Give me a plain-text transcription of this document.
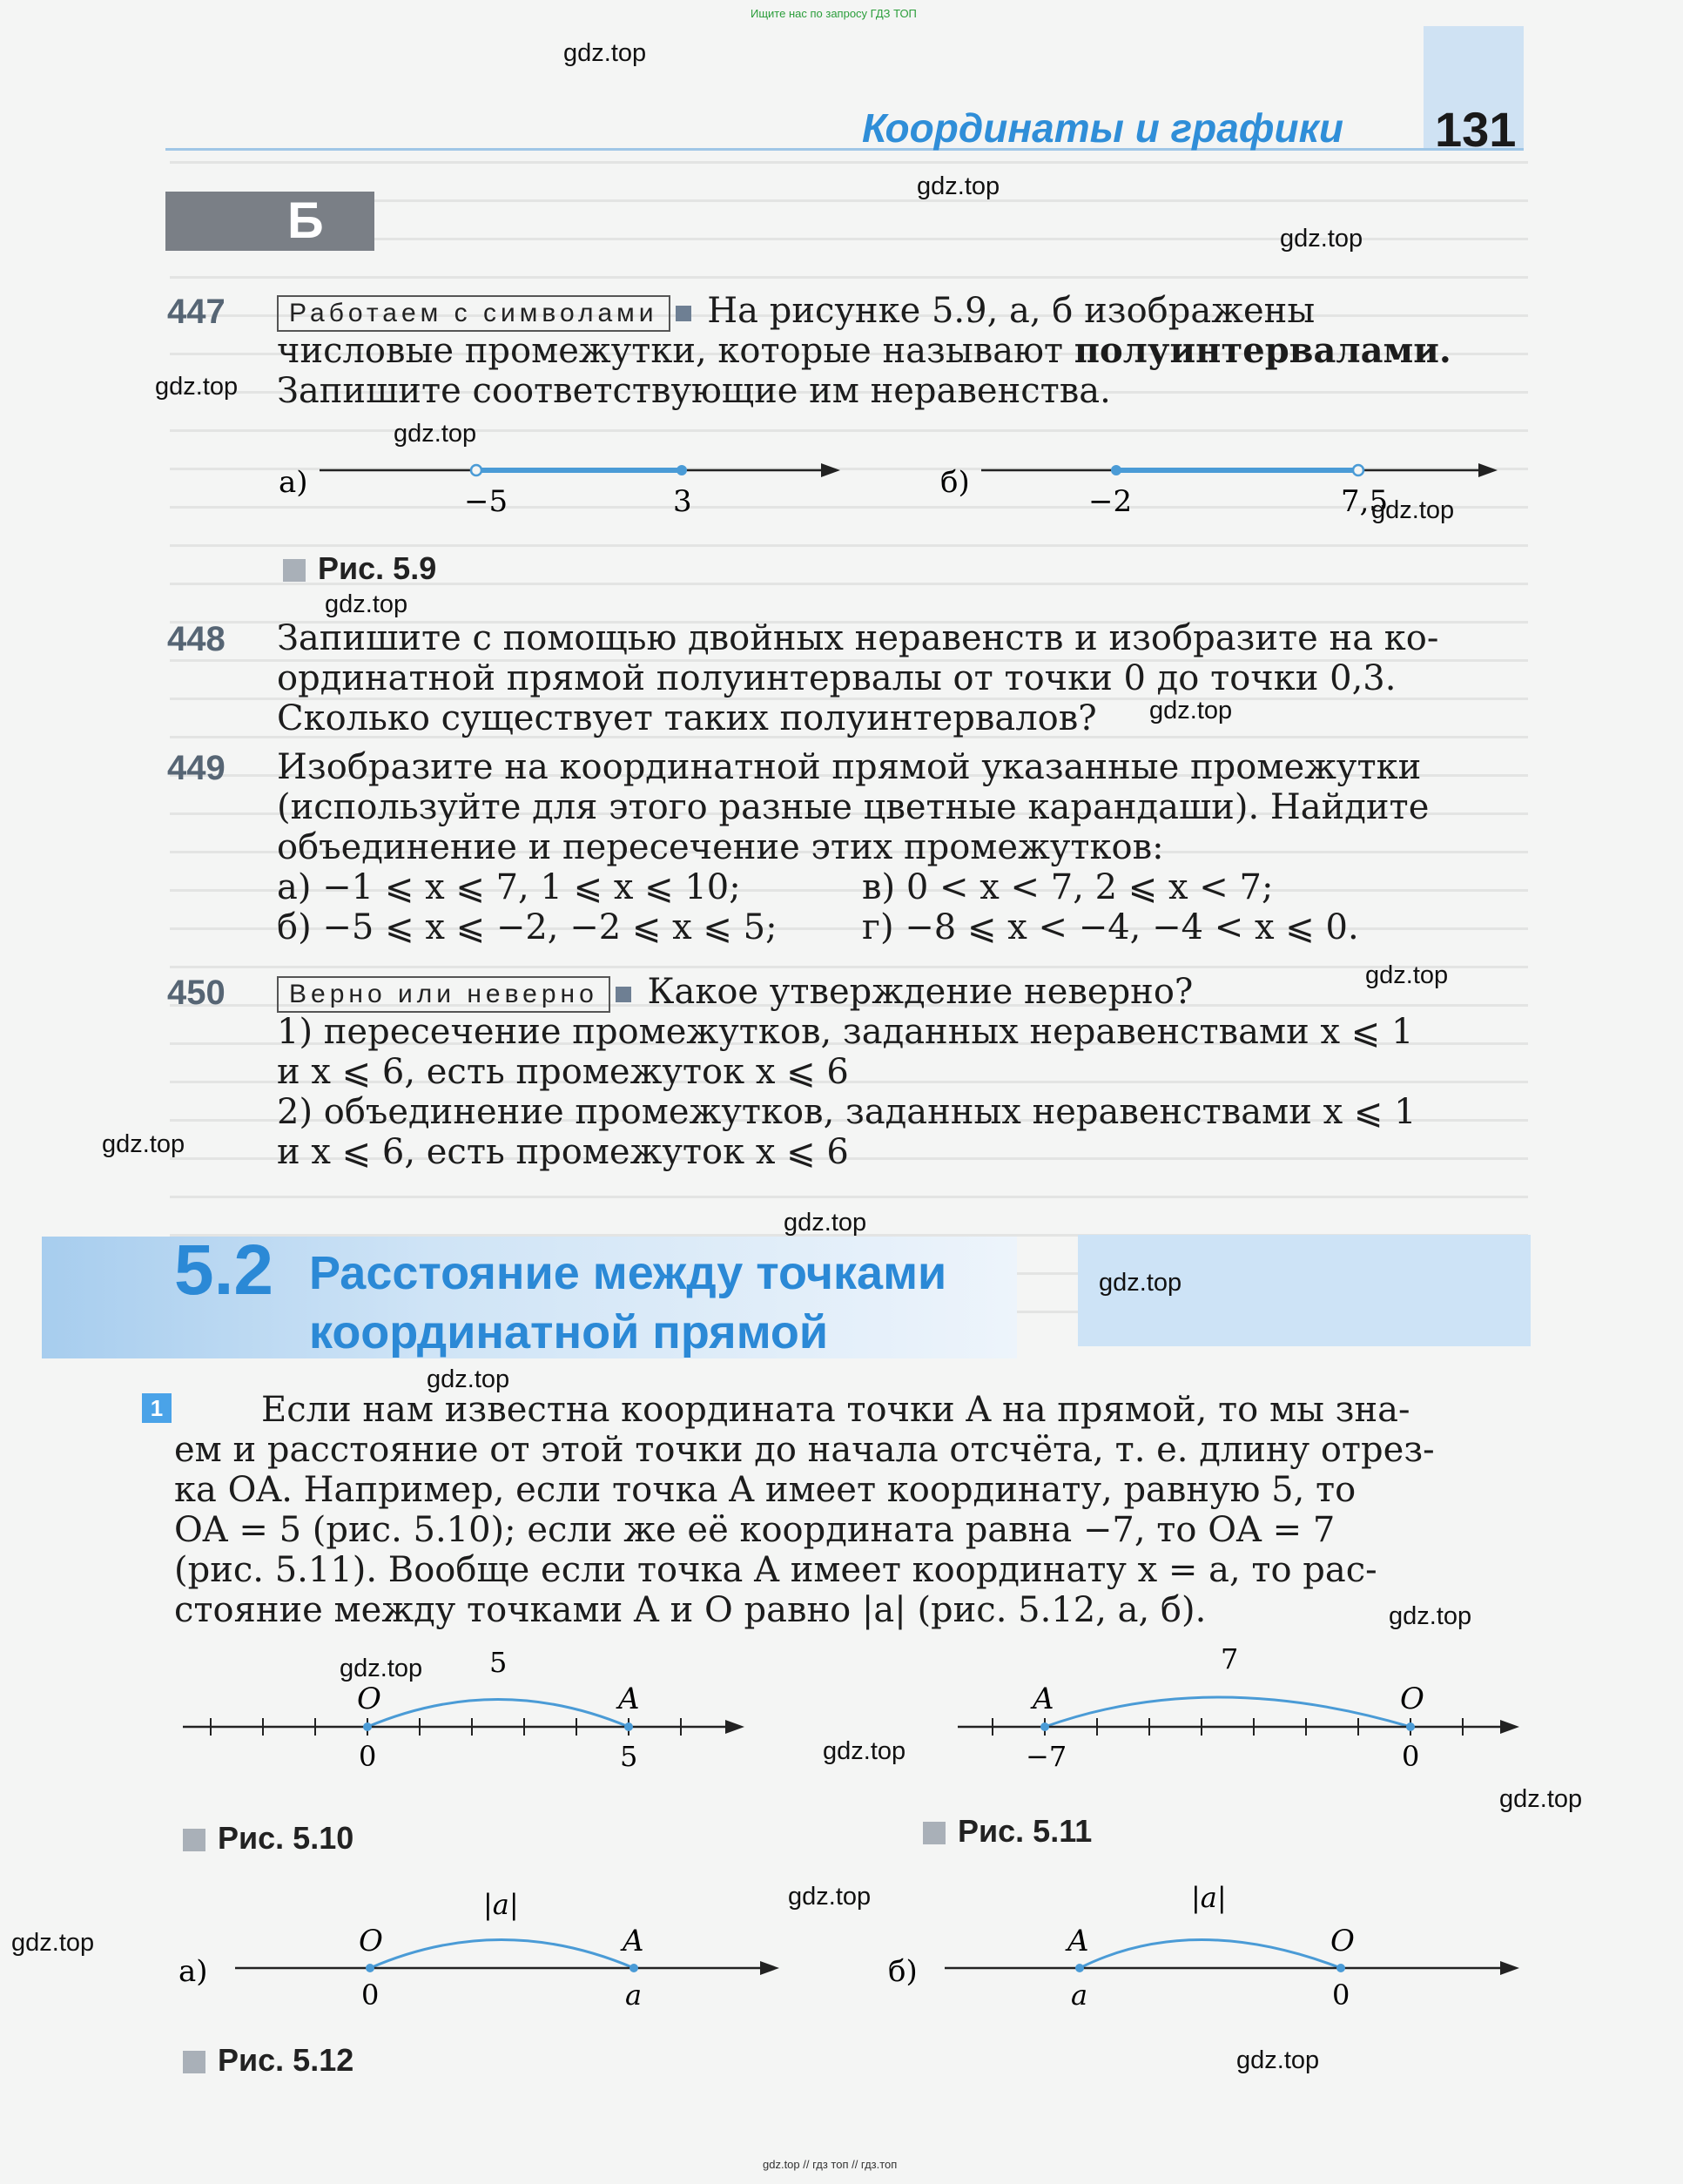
Ищите нас по запросу ГДЗ ТОП
gdz.top // гдз топ // гдз.топ
Координаты и графики 131
Б
447	Работаем с символами На рисунке 5.9, а, б изображены
числовые промежутки, которые называют полуинтервалами.
Запишите соответствующие им неравенства.
а)
−5	3
б)
−2	7,5
Рис. 5.9
448 Запишите с помощью двойных неравенств и изобразите на ко-
ординатной прямой полуинтервалы от точки 0 до точки 0,3.
Сколько существует таких полуинтервалов?
449 Изобразите на координатной прямой указанные промежутки
(используйте для этого разные цветные карандаши). Найдите
объединение и пересечение этих промежутков:
а) −1 ⩽ x ⩽ 7, 1 ⩽ x ⩽ 10;	в) 0 < x < 7, 2 ⩽ x < 7;
б) −5 ⩽ x ⩽ −2, −2 ⩽ x ⩽ 5; г) −8 ⩽ x < −4, −4 < x ⩽ 0.
450	Верно или неверно Какое утверждение неверно?
1) пересечение промежутков, заданных неравенствами x ⩽ 1
и x ⩽ 6, есть промежуток x ⩽ 6
2) объединение промежутков, заданных неравенствами x ⩽ 1
и x ⩽ 6, есть промежуток x ⩽ 6
5.2 Расстояние между точками
координатной прямой
1	Если нам известна координата точки A на прямой, то мы зна-
ем и расстояние от этой точки до начала отсчёта, т. е. длину отрез-
ка OA. Например, если точка A имеет координату, равную 5, то
OA = 5 (рис. 5.10); если же её координата равна −7, то OA = 7
(рис. 5.11). Вообще если точка A имеет координату x = a, то рас-
стояние между точками A и O равно |a| (рис. 5.12, а, б).
O	A
5
0	5
Рис. 5.10
A	O
7
−7	0
Рис. 5.11
а)
O	A
|a|
0	a
б)
A	O
|a|
a	0
Рис. 5.12
gdz.top
gdz.top
gdz.top
gdz.top
gdz.top
gdz.top
gdz.top
gdz.top
gdz.top
gdz.top
gdz.top
gdz.top
gdz.top
gdz.top
gdz.top
gdz.top
gdz.top
gdz.top
gdz.top
gdz.top
